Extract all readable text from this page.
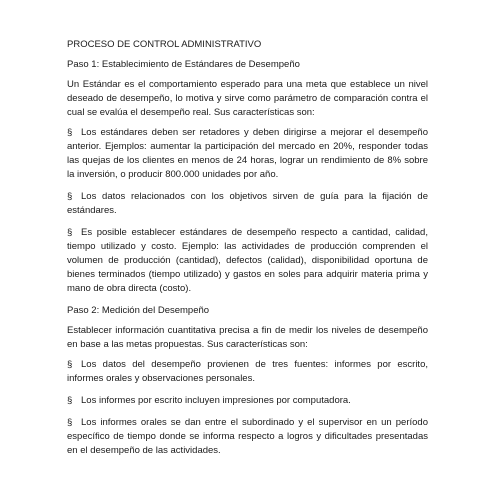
PROCESO DE CONTROL ADMINISTRATIVO
Paso 1: Establecimiento de Estándares de Desempeño

Un Estándar es el comportamiento esperado para una meta que establece un nivel deseado de desempeño, lo motiva y sirve como parámetro de comparación contra el cual se evalúa el desempeño real. Sus características son:

§ Los estándares deben ser retadores y deben dirigirse a mejorar el desempeño anterior. Ejemplos: aumentar la participación del mercado en 20%, responder todas las quejas de los clientes en menos de 24 horas, lograr un rendimiento de 8% sobre la inversión, o producir 800.000 unidades por año.
§ Los datos relacionados con los objetivos sirven de guía para la fijación de estándares.
§ Es posible establecer estándares de desempeño respecto a cantidad, calidad, tiempo utilizado y costo. Ejemplo: las actividades de producción comprenden el volumen de producción (cantidad), defectos (calidad), disponibilidad oportuna de bienes terminados (tiempo utilizado) y gastos en soles para adquirir materia prima y mano de obra directa (costo).
Paso 2: Medición del Desempeño

Establecer información cuantitativa precisa a fin de medir los niveles de desempeño en base a las metas propuestas. Sus características son:

§ Los datos del desempeño provienen de tres fuentes: informes por escrito, informes orales y observaciones personales.
§ Los informes por escrito incluyen impresiones por computadora.
§ Los informes orales se dan entre el subordinado y el supervisor en un período específico de tiempo donde se informa respecto a logros y dificultades presentadas en el desempeño de las actividades.
